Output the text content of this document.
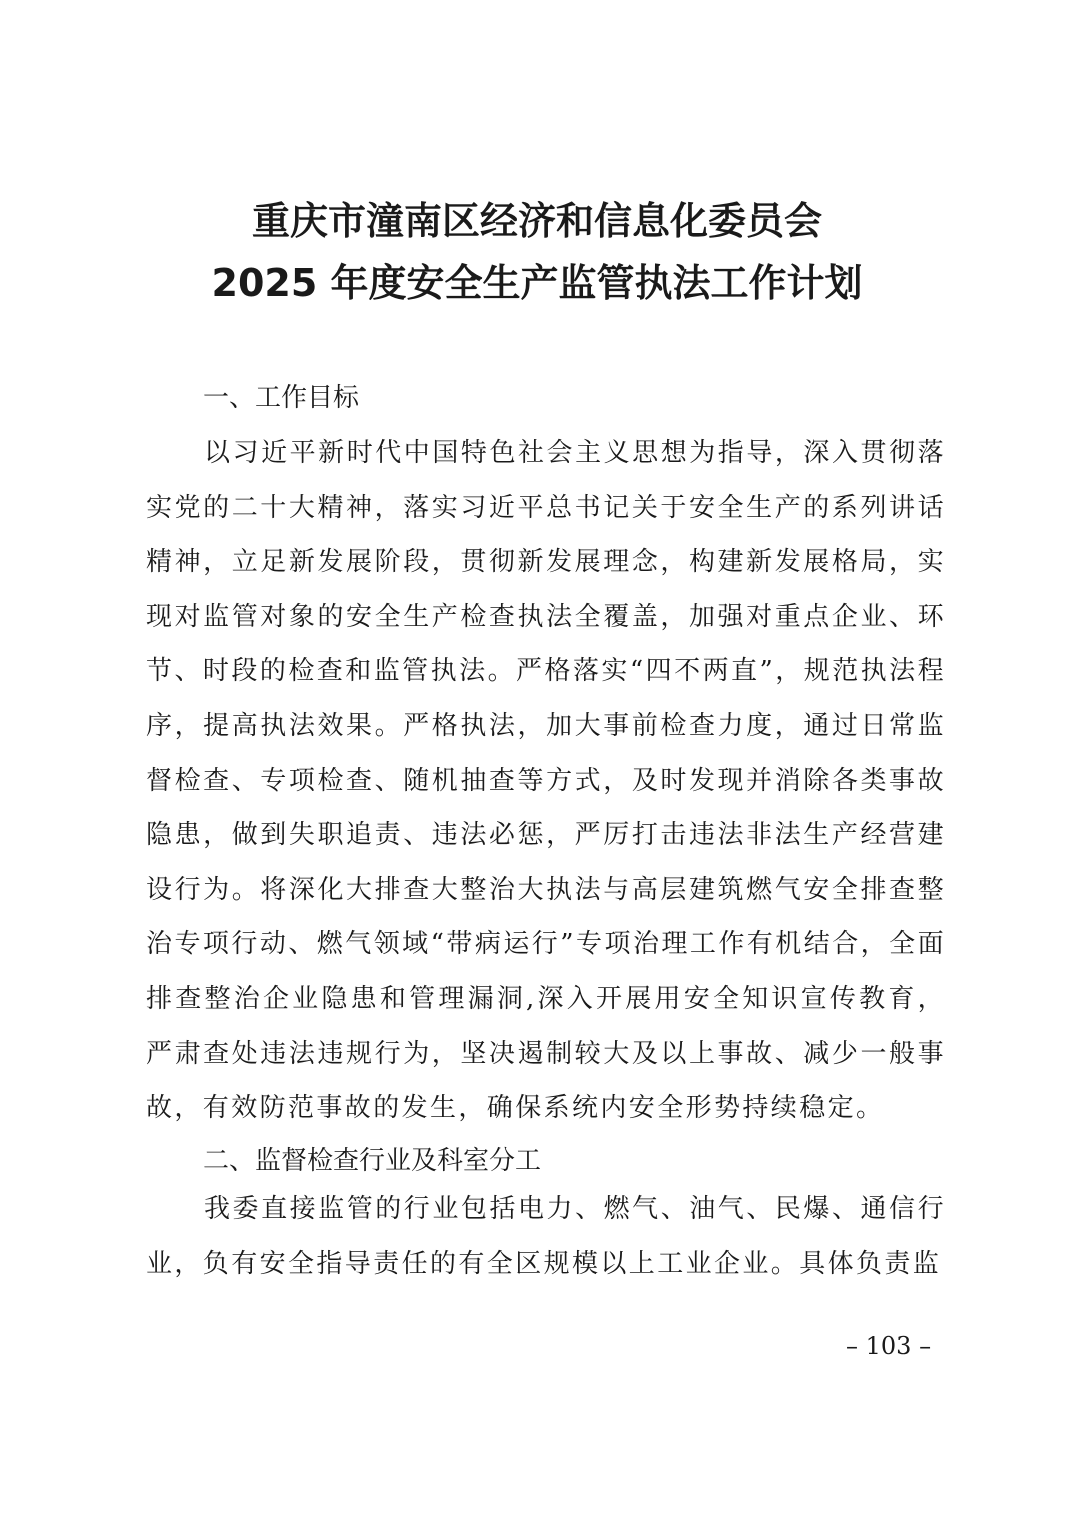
重庆市潼南区经济和信息化委员会
2025 年度安全生产监管执法工作计划
一、工作目标
以习近平新时代中国特色社会主义思想为指导，深入贯彻落实党的二十大精神，落实习近平总书记关于安全生产的系列讲话精神，立足新发展阶段，贯彻新发展理念，构建新发展格局，实现对监管对象的安全生产检查执法全覆盖，加强对重点企业、环节、时段的检查和监管执法。严格落实“四不两直”，规范执法程序，提高执法效果。严格执法，加大事前检查力度，通过日常监督检查、专项检查、随机抽查等方式，及时发现并消除各类事故隐患，做到失职追责、违法必惩，严厉打击违法非法生产经营建设行为。将深化大排查大整治大执法与高层建筑燃气安全排查整治专项行动、燃气领域“带病运行”专项治理工作有机结合，全面排查整治企业隐患和管理漏洞,深入开展用安全知识宣传教育，严肃查处违法违规行为，坚决遏制较大及以上事故、减少一般事故，有效防范事故的发生，确保系统内安全形势持续稳定。
二、监督检查行业及科室分工
我委直接监管的行业包括电力、燃气、油气、民爆、通信行业，负有安全指导责任的有全区规模以上工业企业。具体负责监
– 103 –
